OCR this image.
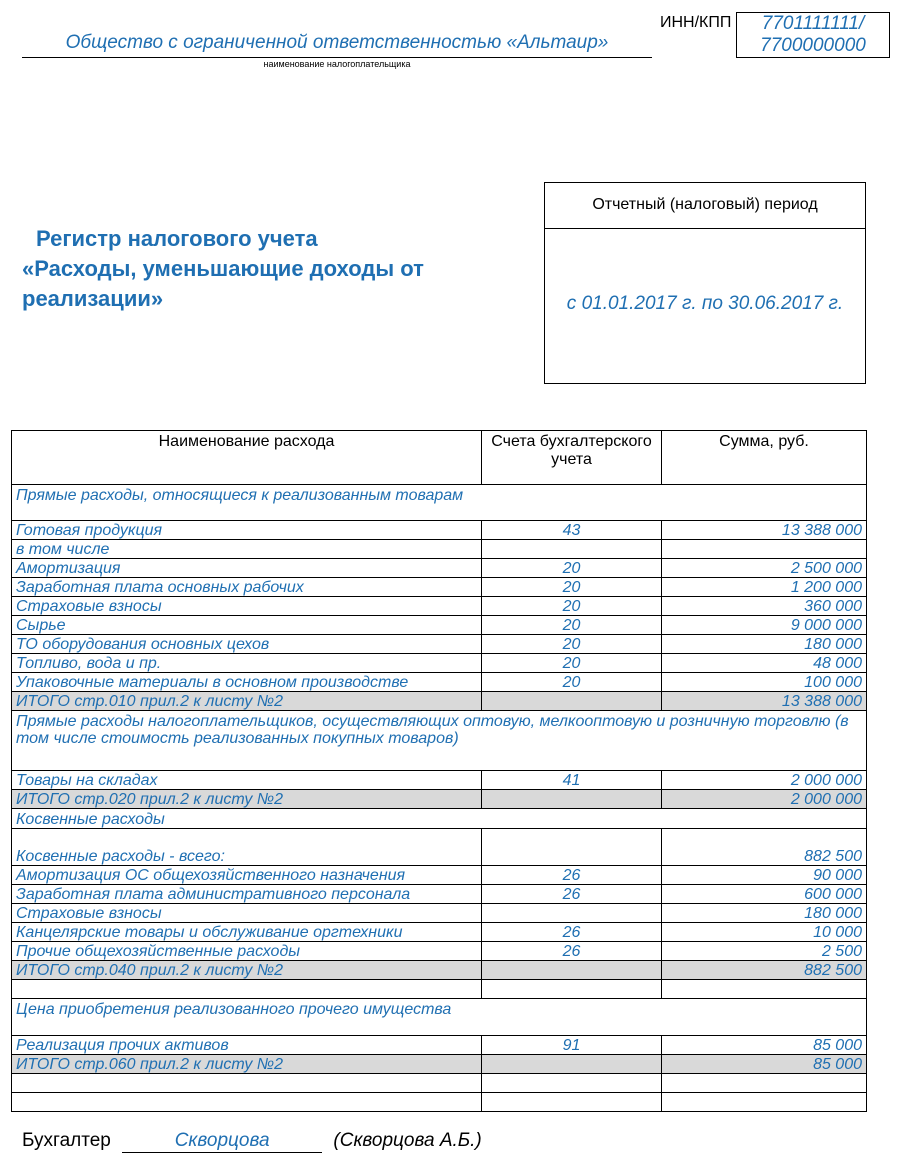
Общество с ограниченной ответственностью «Альтаир»
наименование налогоплательщика
ИНН/КПП	7701111111/
7700000000
Регистр налогового учета
«Расходы, уменьшающие доходы от
реализации»
Отчетный (налоговый) период
с 01.01.2017 г. по 30.06.2017 г.
Наименование расхода	Счета бухгалтерского учета	Сумма, руб.
Прямые расходы, относящиеся к реализованным товарам		
Готовая продукция	43	13 388 000
в том числе		
Амортизация	20	2 500 000
Заработная плата основных рабочих	20	1 200 000
Страховые взносы	20	360 000
Сырье	20	9 000 000
ТО оборудования основных цехов	20	180 000
Топливо, вода и пр.	20	48 000
Упаковочные материалы в основном производстве	20	100 000
ИТОГО стр.010 прил.2 к листу №2		13 388 000
Прямые расходы налогоплательщиков, осуществляющих оптовую, мелкооптовую и розничную торговлю (в том числе стоимость реализованных покупных товаров)		
Товары на складах	41	2 000 000
ИТОГО стр.020 прил.2 к листу №2		2 000 000
Косвенные расходы		
Косвенные расходы - всего:		882 500
Амортизация ОС общехозяйственного назначения	26	90 000
Заработная плата административного персонала	26	600 000
Страховые взносы		180 000
Канцелярские товары и обслуживание оргтехники	26	10 000
Прочие общехозяйственные расходы	26	2 500
ИТОГО стр.040 прил.2 к листу №2		882 500

Цена приобретения реализованного прочего имущества		
Реализация прочих активов	91	85 000
ИТОГО стр.060 прил.2 к листу №2		85 000

Бухгалтер	Скворцова	(Скворцова А.Б.)
